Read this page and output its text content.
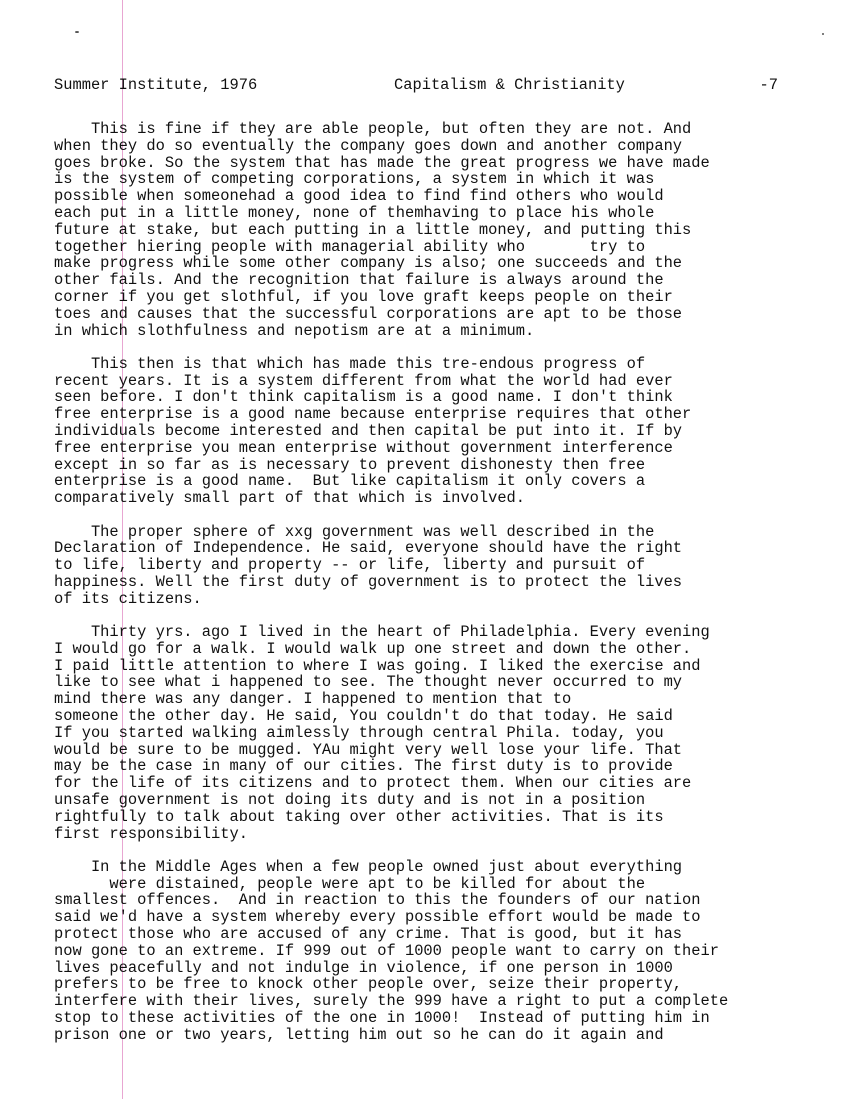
Summer Institute, 1976

	Capitalism & Christianity

	-7

This is fine if they are able people, but often they are not. And
when they do so eventually the company goes down and another company
goes broke. So the system that has made the great progress we have made
is the system of competing corporations, a system in which it was
possible when someonehad a good idea to find find others who would
each put in a little money, none of themhaving to place his whole
future at stake, but each putting in a little money, and putting this
together hiering people with managerial ability who       try to
make progress while some other company is also; one succeeds and the
other fails. And the recognition that failure is always around the
corner if you get slothful, if you love graft keeps people on their
toes and causes that the successful corporations are apt to be those
in which slothfulness and nepotism are at a minimum.
This then is that which has made this tre-endous progress of
recent years. It is a system different from what the world had ever
seen before. I don't think capitalism is a good name. I don't think
free enterprise is a good name because enterprise requires that other
individuals become interested and then capital be put into it. If by
free enterprise you mean enterprise without government interference
except in so far as is necessary to prevent dishonesty then free
enterprise is a good name.  But like capitalism it only covers a
comparatively small part of that which is involved.
The proper sphere of xxg government was well described in the
Declaration of Independence. He said, everyone should have the right
to life, liberty and property -- or life, liberty and pursuit of
happiness. Well the first duty of government is to protect the lives
of its citizens.
Thirty yrs. ago I lived in the heart of Philadelphia. Every evening
I would go for a walk. I would walk up one street and down the other.
I paid little attention to where I was going. I liked the exercise and
like to see what i happened to see. The thought never occurred to my
mind there was any danger. I happened to mention that to
someone the other day. He said, You couldn't do that today. He said
If you started walking aimlessly through central Phila. today, you
would be sure to be mugged. YAu might very well lose your life. That
may be the case in many of our cities. The first duty is to provide
for the life of its citizens and to protect them. When our cities are
unsafe government is not doing its duty and is not in a position
rightfully to talk about taking over other activities. That is its
first responsibility.
In the Middle Ages when a few people owned just about everything
were distained, people were apt to be killed for about the
smallest offences.  And in reaction to this the founders of our nation
said we'd have a system whereby every possible effort would be made to
protect those who are accused of any crime. That is good, but it has
now gone to an extreme. If 999 out of 1000 people want to carry on their
lives peacefully and not indulge in violence, if one person in 1000
prefers to be free to knock other people over, seize their property,
interfere with their lives, surely the 999 have a right to put a complete
stop to these activities of the one in 1000!  Instead of putting him in
prison one or two years, letting him out so he can do it again and
